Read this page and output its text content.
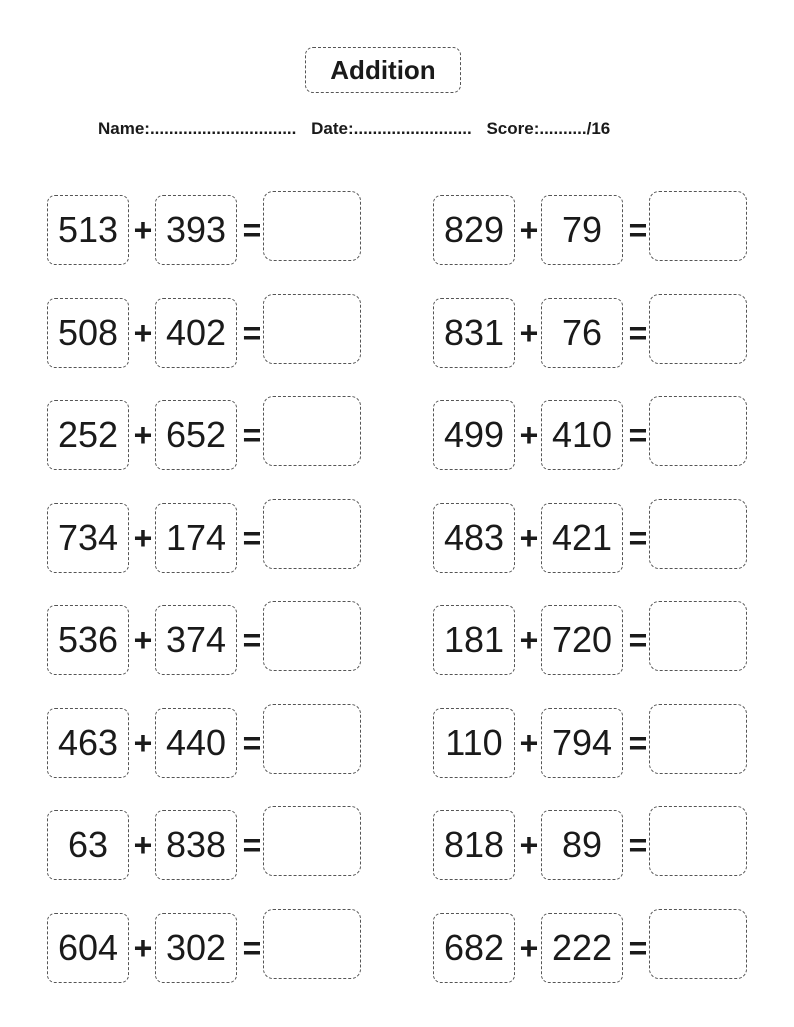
Addition
Name:............................... Date:......................... Score:........../16
513 + 393 =
508 + 402 =
252 + 652 =
734 + 174 =
536 + 374 =
463 + 440 =
63 + 838 =
604 + 302 =
829 + 79 =
831 + 76 =
499 + 410 =
483 + 421 =
181 + 720 =
110 + 794 =
818 + 89 =
682 + 222 =
